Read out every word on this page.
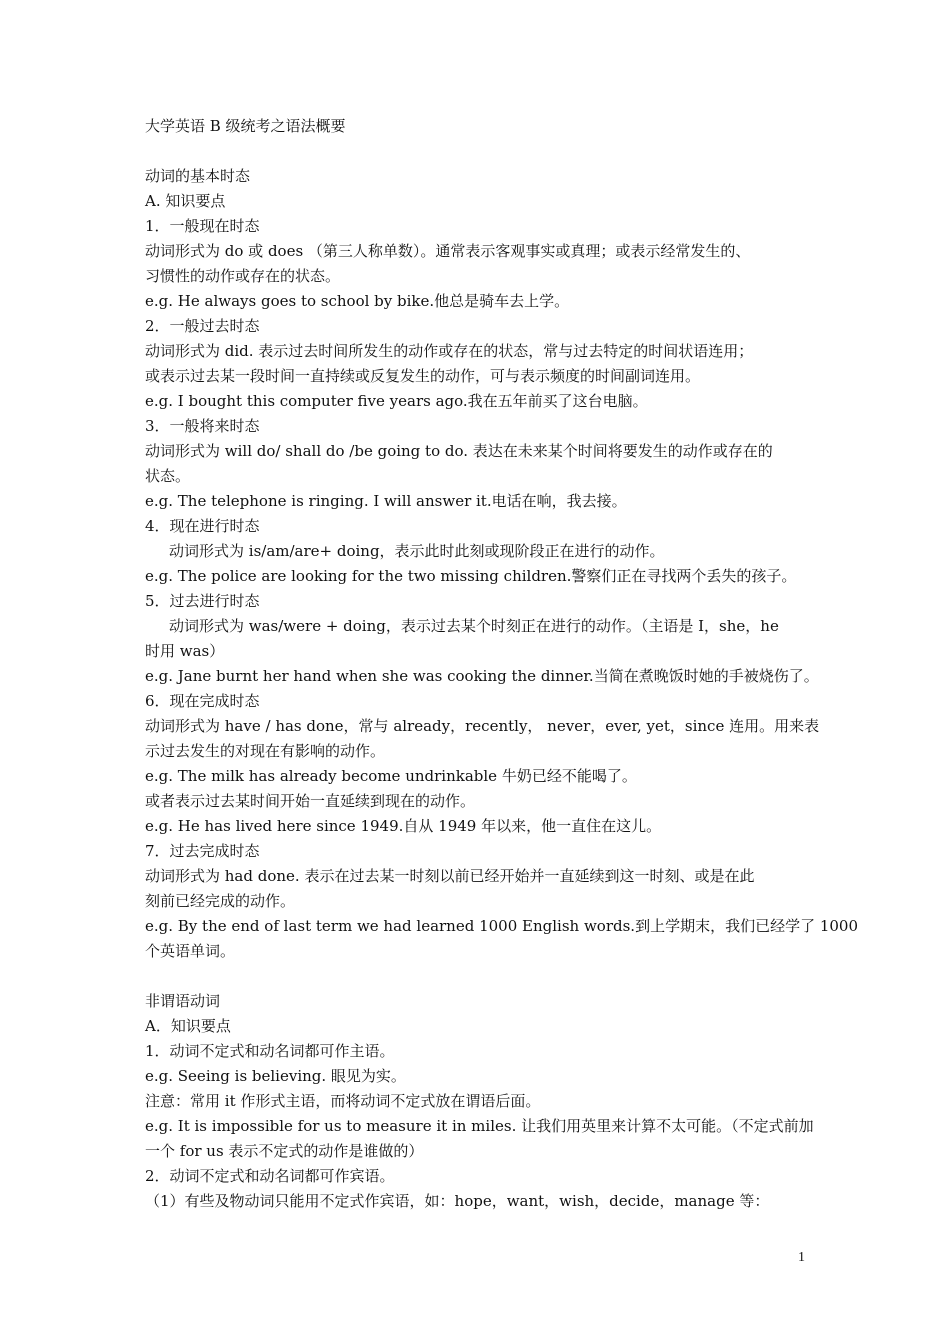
大学英语 B 级统考之语法概要
动词的基本时态
A. 知识要点
1．一般现在时态
动词形式为 do 或 does （第三人称单数）。通常表示客观事实或真理；或表示经常发生的、
习惯性的动作或存在的状态。
e.g. He always goes to school by bike.他总是骑车去上学。
2．一般过去时态
动词形式为 did. 表示过去时间所发生的动作或存在的状态，常与过去特定的时间状语连用；
或表示过去某一段时间一直持续或反复发生的动作，可与表示频度的时间副词连用。
e.g. I bought this computer five years ago.我在五年前买了这台电脑。
3．一般将来时态
动词形式为 will do/ shall do /be going to do. 表达在未来某个时间将要发生的动作或存在的
状态。
e.g. The telephone is ringing. I will answer it.电话在响，我去接。
4．现在进行时态
动词形式为 is/am/are+ doing，表示此时此刻或现阶段正在进行的动作。
e.g. The police are looking for the two missing children.警察们正在寻找两个丢失的孩子。
5．过去进行时态
动词形式为 was/were + doing，表示过去某个时刻正在进行的动作。（主语是 I，she，he
时用 was）
e.g. Jane burnt her hand when she was cooking the dinner.当简在煮晚饭时她的手被烧伤了。
6．现在完成时态
动词形式为 have / has done，常与 already，recently， never，ever, yet，since 连用。用来表
示过去发生的对现在有影响的动作。
e.g. The milk has already become undrinkable 牛奶已经不能喝了。
或者表示过去某时间开始一直延续到现在的动作。
e.g. He has lived here since 1949.自从 1949 年以来，他一直住在这儿。
7．过去完成时态
动词形式为 had done. 表示在过去某一时刻以前已经开始并一直延续到这一时刻、或是在此
刻前已经完成的动作。
e.g. By the end of last term we had learned 1000 English words.到上学期末，我们已经学了 1000
个英语单词。
非谓语动词
A．知识要点
1．动词不定式和动名词都可作主语。
e.g. Seeing is believing. 眼见为实。
注意：常用 it 作形式主语，而将动词不定式放在谓语后面。
e.g. It is impossible for us to measure it in miles. 让我们用英里来计算不太可能。（不定式前加
一个 for us 表示不定式的动作是谁做的）
2．动词不定式和动名词都可作宾语。
（1）有些及物动词只能用不定式作宾语，如：hope，want，wish，decide，manage 等：
1
